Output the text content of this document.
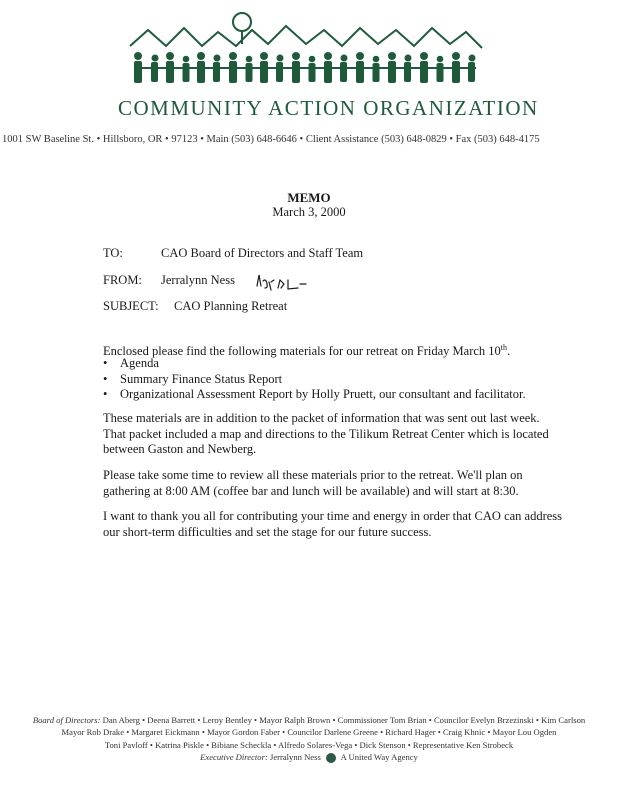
COMMUNITY ACTION ORGANIZATION
1001 SW Baseline St. • Hillsboro, OR • 97123 • Main (503) 648-6646 • Client Assistance (503) 648-0829 • Fax (503) 648-4175
MEMO
March 3, 2000
TO:	CAO Board of Directors and Staff Team
FROM: Jerralynn Ness
SUBJECT: CAO Planning Retreat
Enclosed please find the following materials for our retreat on Friday March 10th.
• Agenda
• Summary Finance Status Report
• Organizational Assessment Report by Holly Pruett, our consultant and facilitator.
These materials are in addition to the packet of information that was sent out last week. That packet included a map and directions to the Tilikum Retreat Center which is located between Gaston and Newberg.
Please take some time to review all these materials prior to the retreat. We'll plan on gathering at 8:00 AM (coffee bar and lunch will be available) and will start at 8:30.
I want to thank you all for contributing your time and energy in order that CAO can address our short-term difficulties and set the stage for our future success.
Board of Directors: Dan Aberg • Deena Barrett • Leroy Bentley • Mayor Ralph Brown • Commissioner Tom Brian • Councilor Evelyn Brzezinski • Kim Carlson
Mayor Rob Drake • Margaret Eickmann • Mayor Gordon Faber • Councilor Darlene Greene • Richard Hager • Craig Khnic • Mayor Lou Ogden
Toni Pavloff • Katrina Piskle • Bibiane Scheckla • Alfredo Solares-Vega • Dick Stenson • Representative Ken Strobeck
Executive Director: Jerralynn Ness A United Way Agency
